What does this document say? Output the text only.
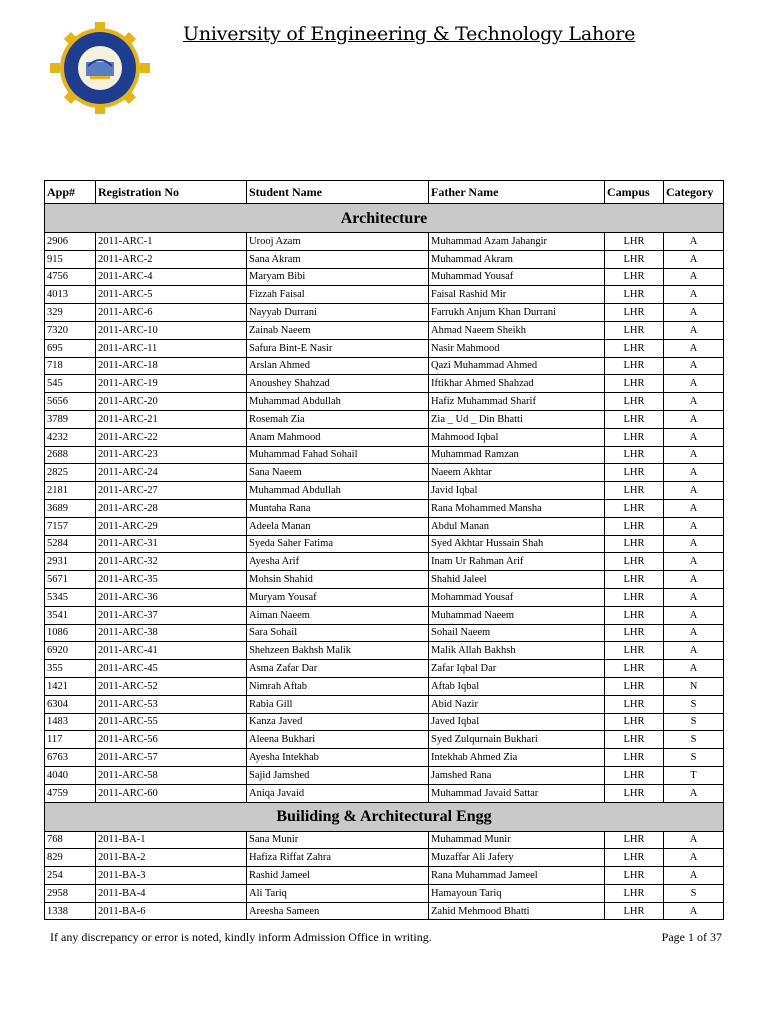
University of Engineering & Technology Lahore
App#	Registration No	Student Name	Father Name	Campus	Category
Architecture					
2906	2011-ARC-1	Urooj Azam	Muhammad Azam Jahangir	LHR	A
915	2011-ARC-2	Sana Akram	Muhammad Akram	LHR	A
4756	2011-ARC-4	Maryam Bibi	Muhammad Yousaf	LHR	A
4013	2011-ARC-5	Fizzah Faisal	Faisal Rashid Mir	LHR	A
329	2011-ARC-6	Nayyab Durrani	Farrukh Anjum Khan Durrani	LHR	A
7320	2011-ARC-10	Zainab Naeem	Ahmad Naeem Sheikh	LHR	A
695	2011-ARC-11	Safura Bint-E Nasir	Nasir Mahmood	LHR	A
718	2011-ARC-18	Arslan Ahmed	Qazi Muhammad Ahmed	LHR	A
545	2011-ARC-19	Anoushey Shahzad	Iftikhar Ahmed Shahzad	LHR	A
5656	2011-ARC-20	Muhammad Abdullah	Hafiz Muhammad Sharif	LHR	A
3789	2011-ARC-21	Rosemah Zia	Zia _ Ud _ Din Bhatti	LHR	A
4232	2011-ARC-22	Anam Mahmood	Mahmood Iqbal	LHR	A
2688	2011-ARC-23	Muhammad Fahad Sohail	Muhammad Ramzan	LHR	A
2825	2011-ARC-24	Sana Naeem	Naeem Akhtar	LHR	A
2181	2011-ARC-27	Muhammad Abdullah	Javid Iqbal	LHR	A
3689	2011-ARC-28	Muntaha Rana	Rana Mohammed Mansha	LHR	A
7157	2011-ARC-29	Adeela Manan	Abdul Manan	LHR	A
5284	2011-ARC-31	Syeda Saher Fatima	Syed Akhtar Hussain Shah	LHR	A
2931	2011-ARC-32	Ayesha Arif	Inam Ur Rahman Arif	LHR	A
5671	2011-ARC-35	Mohsin Shahid	Shahid Jaleel	LHR	A
5345	2011-ARC-36	Muryam Yousaf	Mohammad Yousaf	LHR	A
3541	2011-ARC-37	Aiman Naeem	Muhammad Naeem	LHR	A
1086	2011-ARC-38	Sara Sohail	Sohail Naeem	LHR	A
6920	2011-ARC-41	Shehzeen Bakhsh Malik	Malik Allah Bakhsh	LHR	A
355	2011-ARC-45	Asma Zafar Dar	Zafar Iqbal Dar	LHR	A
1421	2011-ARC-52	Nimrah Aftab	Aftab Iqbal	LHR	N
6304	2011-ARC-53	Rabia Gill	Abid Nazir	LHR	S
1483	2011-ARC-55	Kanza Javed	Javed Iqbal	LHR	S
117	2011-ARC-56	Aleena Bukhari	Syed Zulqurnain Bukhari	LHR	S
6763	2011-ARC-57	Ayesha Intekhab	Intekhab Ahmed Zia	LHR	S
4040	2011-ARC-58	Sajid Jamshed	Jamshed Rana	LHR	T
4759	2011-ARC-60	Aniqa Javaid	Muhammad Javaid Sattar	LHR	A
Builiding & Architectural Engg					
768	2011-BA-1	Sana Munir	Muhammad Munir	LHR	A
829	2011-BA-2	Hafiza Riffat Zahra	Muzaffar Ali Jafery	LHR	A
254	2011-BA-3	Rashid Jameel	Rana Muhammad Jameel	LHR	A
2958	2011-BA-4	Ali Tariq	Hamayoun Tariq	LHR	S
1338	2011-BA-6	Areesha Sameen	Zahid Mehmood Bhatti	LHR	A
If any discrepancy or error is noted, kindly inform Admission Office in writing.	Page 1 of 37
